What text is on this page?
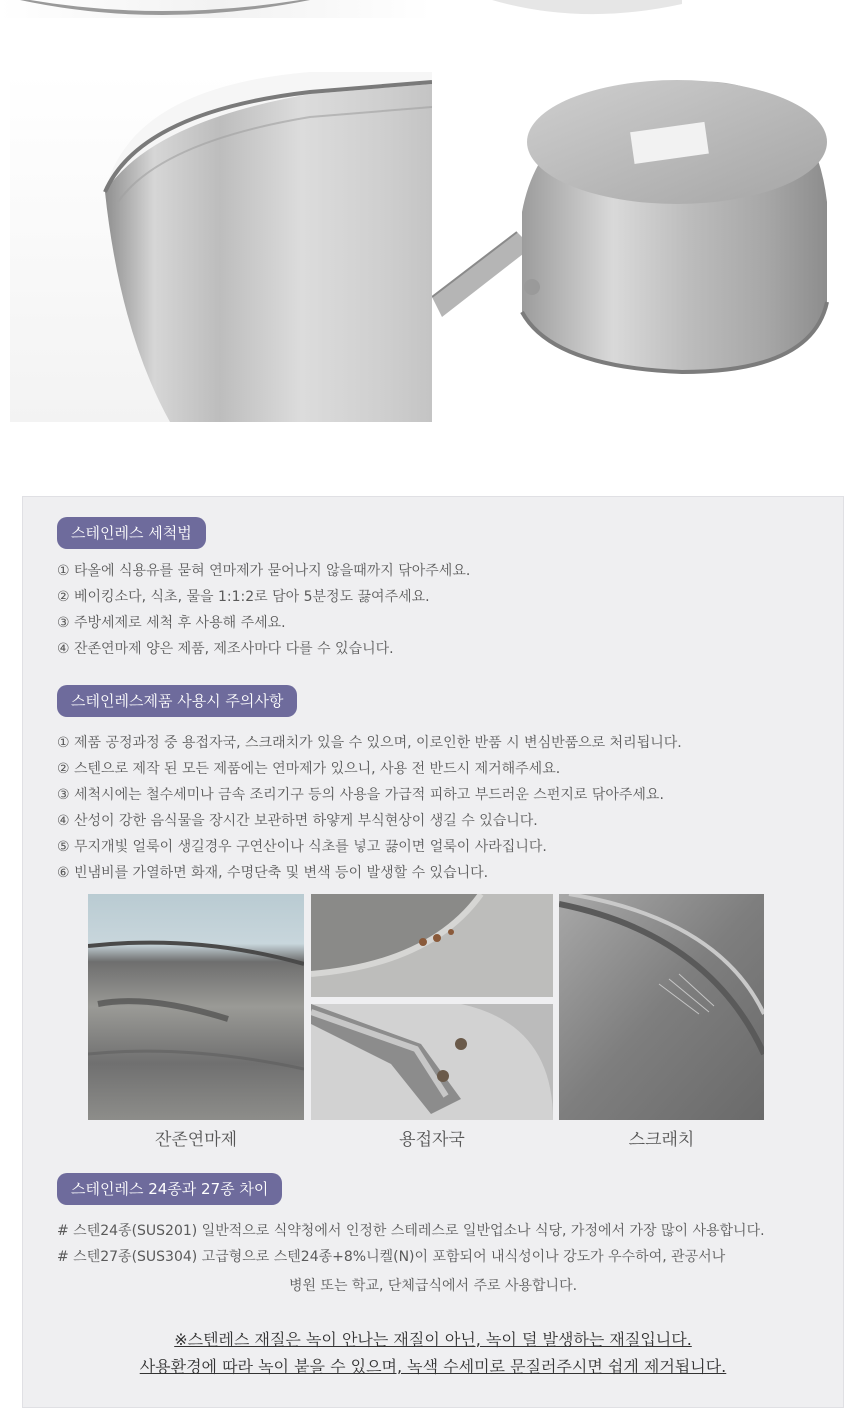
스테인레스 세척법
① 타올에 식용유를 묻혀 연마제가 묻어나지 않을때까지 닦아주세요.
② 베이킹소다, 식초, 물을 1:1:2로 담아 5분정도 끓여주세요.
③ 주방세제로 세척 후 사용해 주세요.
④ 잔존연마제 양은 제품, 제조사마다 다를 수 있습니다.
스테인레스제품 사용시 주의사항
① 제품 공정과정 중 용접자국, 스크래치가 있을 수 있으며, 이로인한 반품 시 변심반품으로 처리됩니다.
② 스텐으로 제작 된 모든 제품에는 연마제가 있으니, 사용 전 반드시 제거해주세요.
③ 세척시에는 철수세미나 금속 조리기구 등의 사용을 가급적 피하고 부드러운 스펀지로 닦아주세요.
④ 산성이 강한 음식물을 장시간 보관하면 하얗게 부식현상이 생길 수 있습니다.
⑤ 무지개빛 얼룩이 생길경우 구연산이나 식초를 넣고 끓이면 얼룩이 사라집니다.
⑥ 빈냄비를 가열하면 화재, 수명단축 및 변색 등이 발생할 수 있습니다.
잔존연마제	용접자국	스크래치
스테인레스 24종과 27종 차이
# 스텐24종(SUS201) 일반적으로 식약청에서 인정한 스테레스로 일반업소나 식당, 가정에서 가장 많이 사용합니다.
# 스텐27종(SUS304) 고급형으로 스텐24종+8%니켈(N)이 포함되어 내식성이나 강도가 우수하여, 관공서나
병원 또는 학교, 단체급식에서 주로 사용합니다.
※스텐레스 재질은 녹이 안나는 재질이 아닌, 녹이 덜 발생하는 재질입니다.
사용환경에 따라 녹이 붙을 수 있으며, 녹색 수세미로 문질러주시면 쉽게 제거됩니다.
